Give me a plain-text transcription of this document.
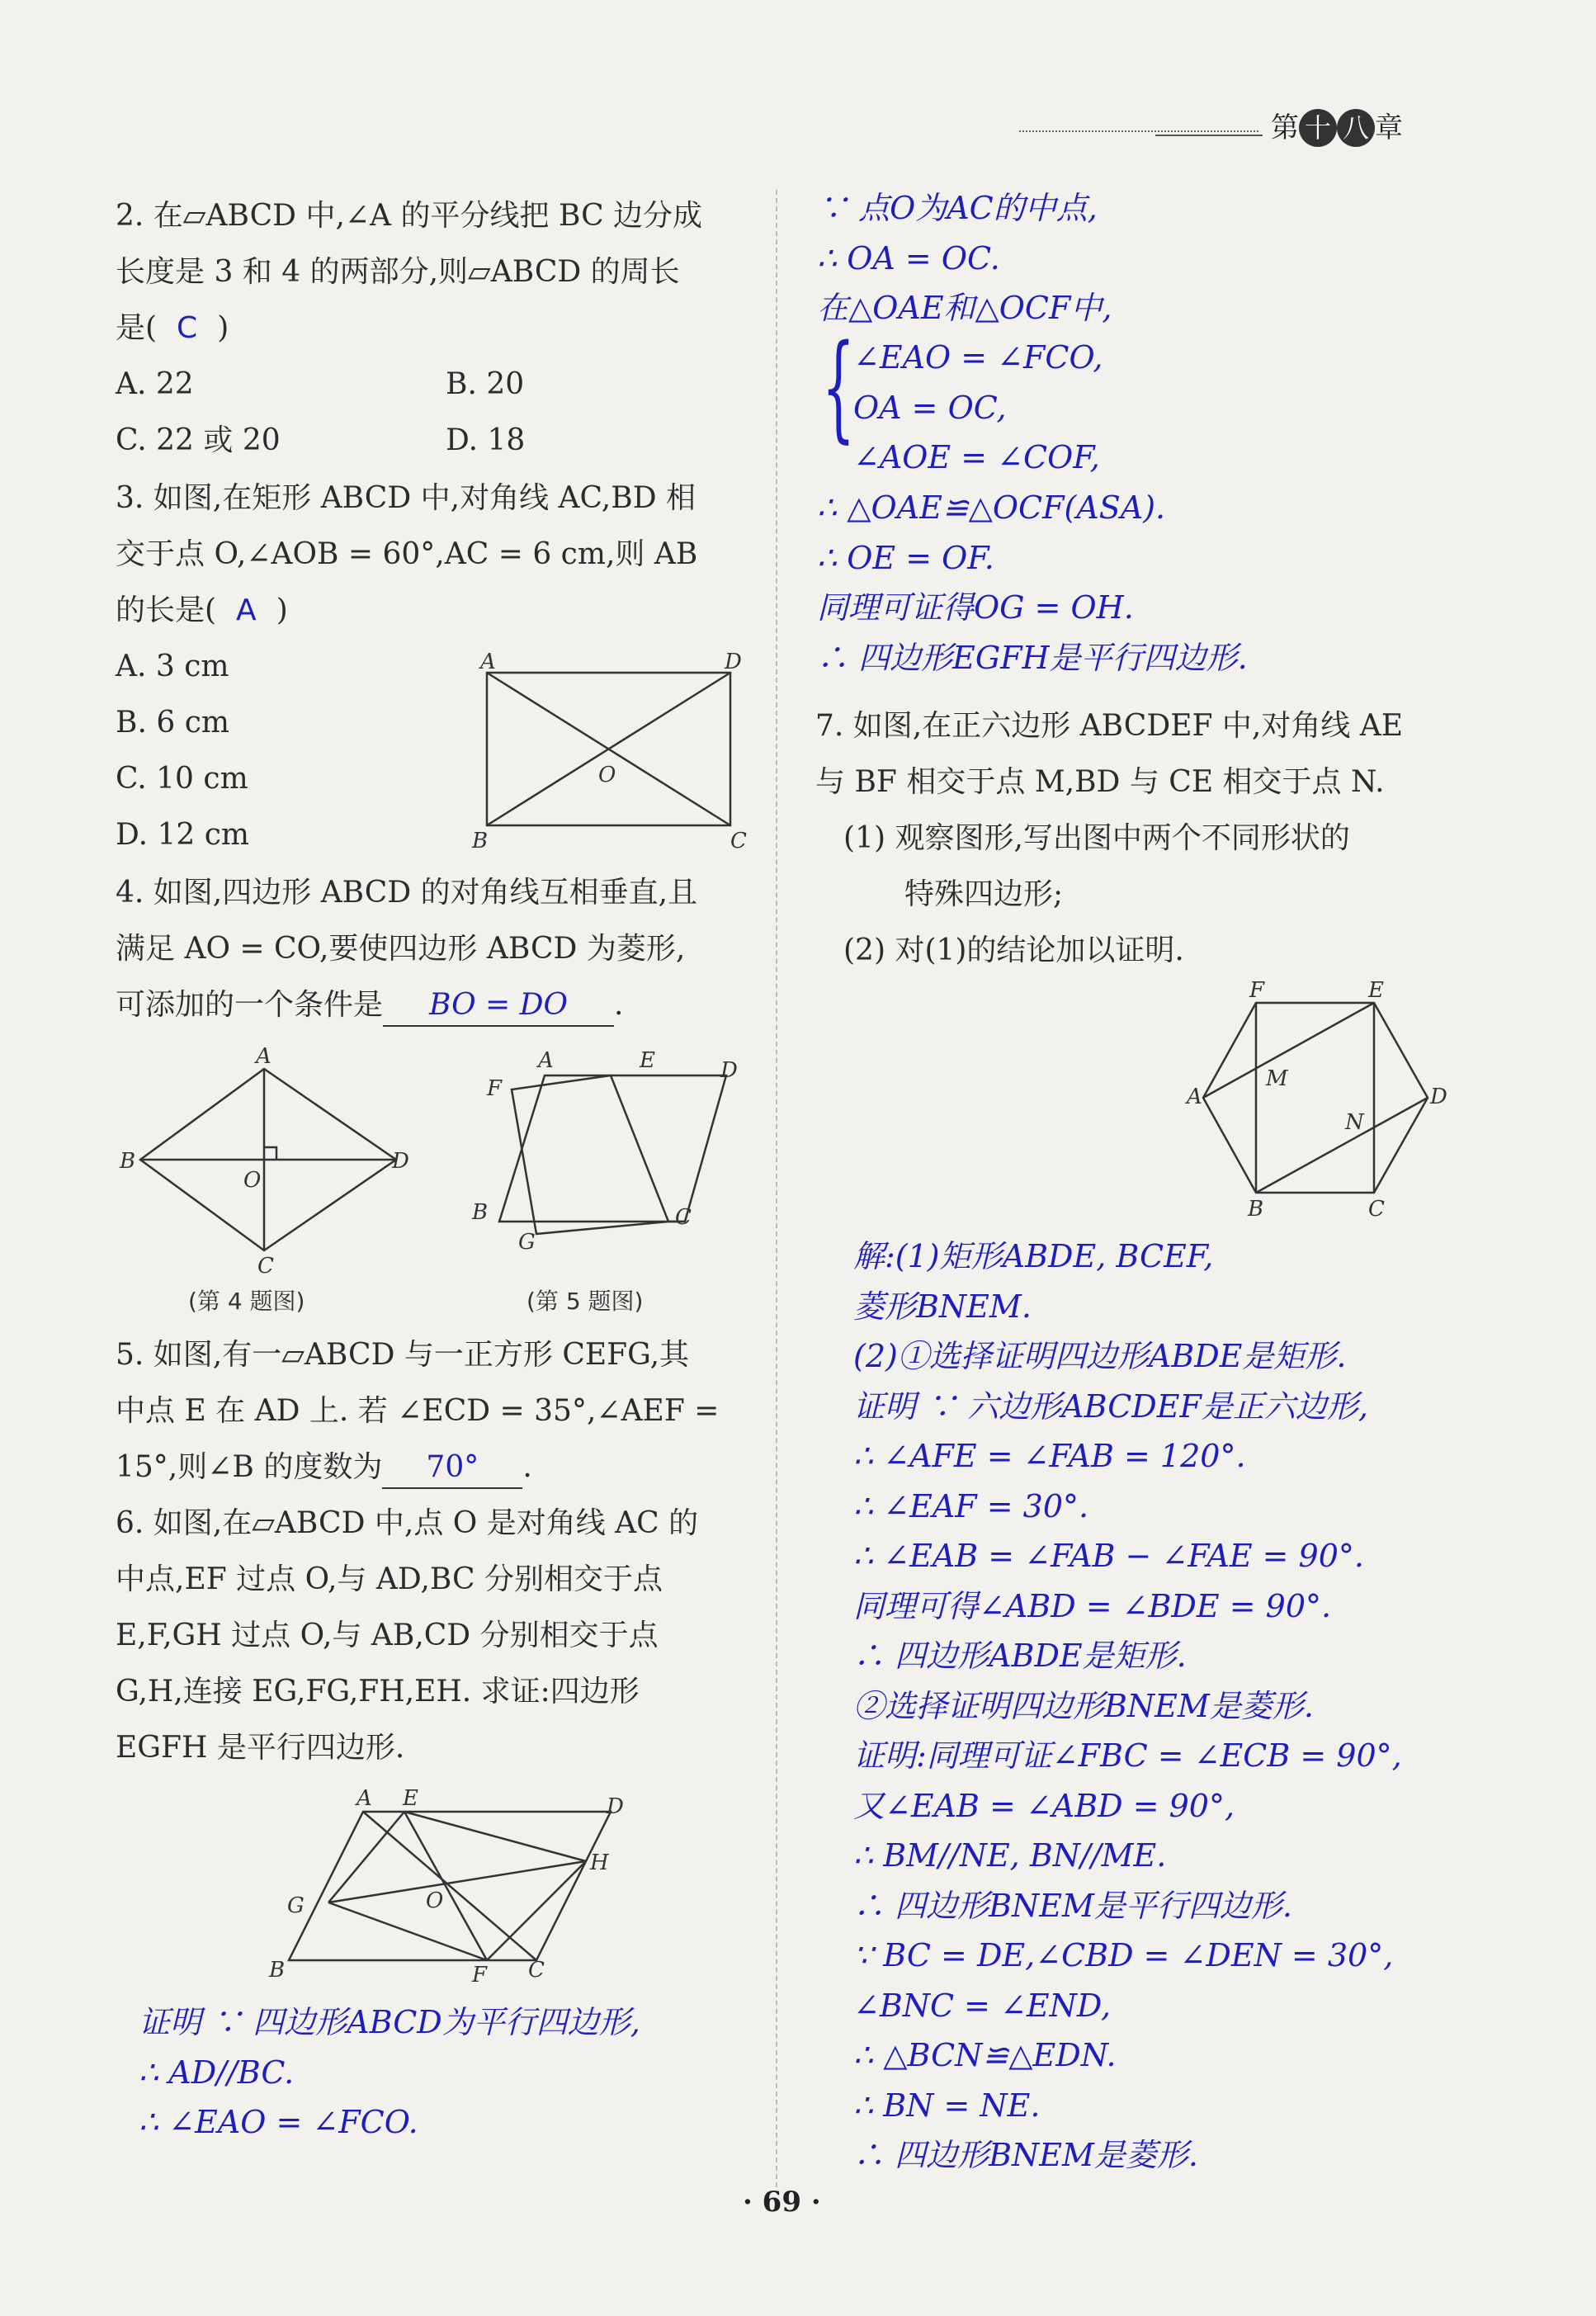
第 十 八 章

2. 在▱ABCD 中,∠A 的平分线把 BC 边分成

长度是 3 和 4 的两部分,则▱ABCD 的周长

是( C )

A. 22	B. 20

C. 22 或 20	D. 18

3. 如图,在矩形 ABCD 中,对角线 AC,BD 相

交于点 O,∠AOB = 60°,AC = 6 cm,则 AB

的长是( A )

A. 3 cm

B. 6 cm

C. 10 cm

D. 12 cm

A	D
B	C
O

4. 如图,四边形 ABCD 的对角线互相垂直,且

满足 AO = CO,要使四边形 ABCD 为菱形,

可添加的一个条件是 BO = DO .

A
B
C
D
O
(第 4 题图)
A	E	D
F
B	C
G
(第 5 题图)

5. 如图,有一▱ABCD 与一正方形 CEFG,其

中点 E 在 AD 上. 若 ∠ECD = 35°,∠AEF =

15°,则∠B 的度数为 70° .

6. 如图,在▱ABCD 中,点 O 是对角线 AC 的

中点,EF 过点 O,与 AD,BC 分别相交于点

E,F,GH 过点 O,与 AB,CD 分别相交于点

G,H,连接 EG,FG,FH,EH. 求证:四边形

EGFH 是平行四边形.

A E	D
H
G	O
B	F C

证明 ∵ 四边形ABCD为平行四边形,

∴ AD//BC.

∴ ∠EAO = ∠FCO.

∵ 点O为AC的中点,

∴ OA = OC.

在△OAE和△OCF中,

{

∠EAO = ∠FCO,

OA = OC,

∠AOE = ∠COF,

∴ △OAE≌△OCF(ASA).

∴ OE = OF.

同理可证得OG = OH.

∴ 四边形EGFH是平行四边形.

7. 如图,在正六边形 ABCDEF 中,对角线 AE

与 BF 相交于点 M,BD 与 CE 相交于点 N.

(1) 观察图形,写出图中两个不同形状的

特殊四边形;

(2) 对(1)的结论加以证明.

F	E
A
M
D
N
B	C

解:(1)矩形ABDE, BCEF,

菱形BNEM.

(2)①选择证明四边形ABDE是矩形.

证明 ∵ 六边形ABCDEF是正六边形,

∴ ∠AFE = ∠FAB = 120°.

∴ ∠EAF = 30°.

∴ ∠EAB = ∠FAB − ∠FAE = 90°.

同理可得∠ABD = ∠BDE = 90°.

∴ 四边形ABDE是矩形.

②选择证明四边形BNEM是菱形.

证明:同理可证∠FBC = ∠ECB = 90°,

又∠EAB = ∠ABD = 90°,

∴ BM//NE, BN//ME.

∴ 四边形BNEM是平行四边形.

∵ BC = DE,∠CBD = ∠DEN = 30°,

∠BNC = ∠END,

∴ △BCN≌△EDN.

∴ BN = NE.

∴ 四边形BNEM是菱形.

· 69 ·
